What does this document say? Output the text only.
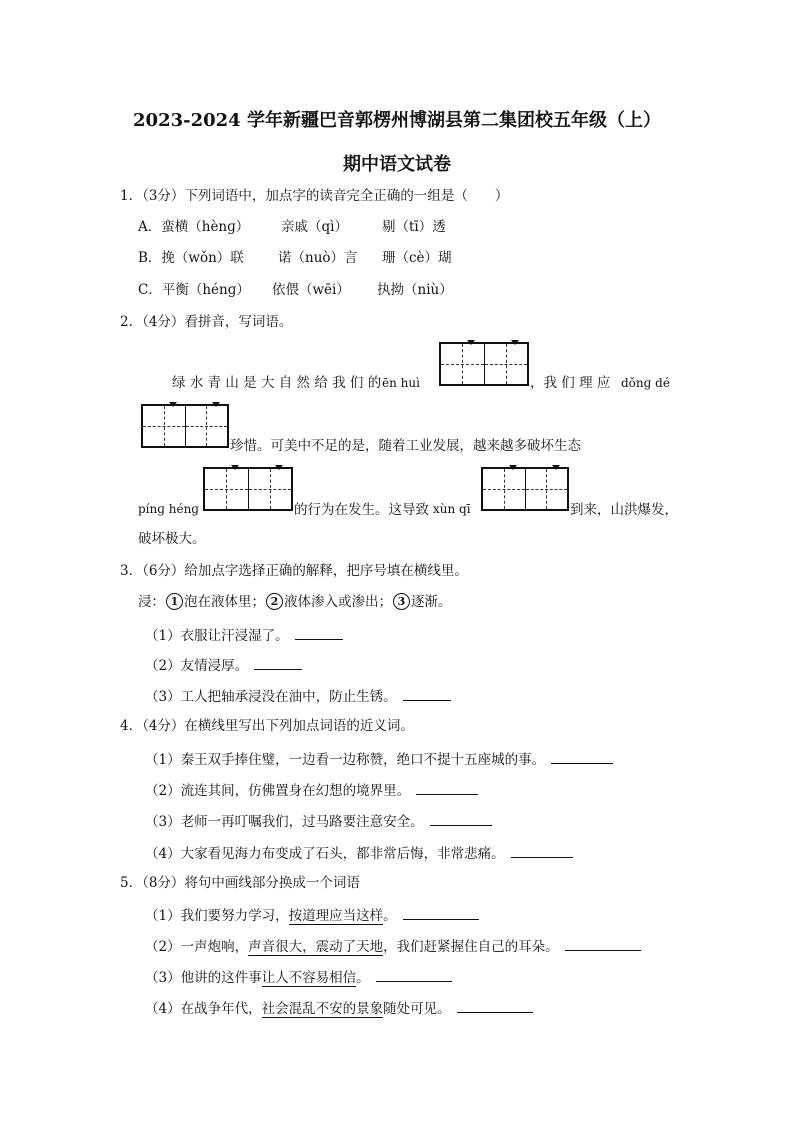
2023-2024 学年新疆巴音郭楞州博湖县第二集团校五年级（上）
期中语文试卷
1．（3分）下列词语中，加点字的读音完全正确的一组是（　　）
A．蛮横（hènɡ） 亲戚（qì）	剔（tī）透
B．挽（wǒn）联	诺（nuò）言 珊（cè）瑚
C．平衡（hénɡ） 依偎（wēi） 执拗（niù）
2．（4分）看拼音，写词语。
绿 水 青 山 是 大 自 然 给 我 们 的 ēn huì	，我 们 理 应 dǒnɡ dé
珍惜。可美中不足的是，随着工业发展，越来越多破坏生态
pínɡ hénɡ	的行为在发生。这导致 xùn qī	到来，山洪爆发，
破坏极大。
3．（6分）给加点字选择正确的解释，把序号填在横线里。
浸： 1 泡在液体里； 2 液体渗入或渗出； 3 逐渐。
（1）衣服让汗浸湿了。
（2）友情浸厚。
（3）工人把轴承浸没在油中，防止生锈。
4．（4分）在横线里写出下列加点词语的近义词。
（1）秦王双手捧住璧，一边看一边称赞，绝口不提十五座城的事。
（2）流连其间，仿佛置身在幻想的境界里。
（3）老师一再叮嘱我们，过马路要注意安全。
（4）大家看见海力布变成了石头，都非常后悔，非常悲痛。
5．（8分）将句中画线部分换成一个词语
（1）我们要努力学习，按道理应当这样。
（2）一声炮响，声音很大，震动了天地，我们赶紧握住自己的耳朵。
（3）他讲的这件事让人不容易相信。
（4）在战争年代，社会混乱不安的景象随处可见。
